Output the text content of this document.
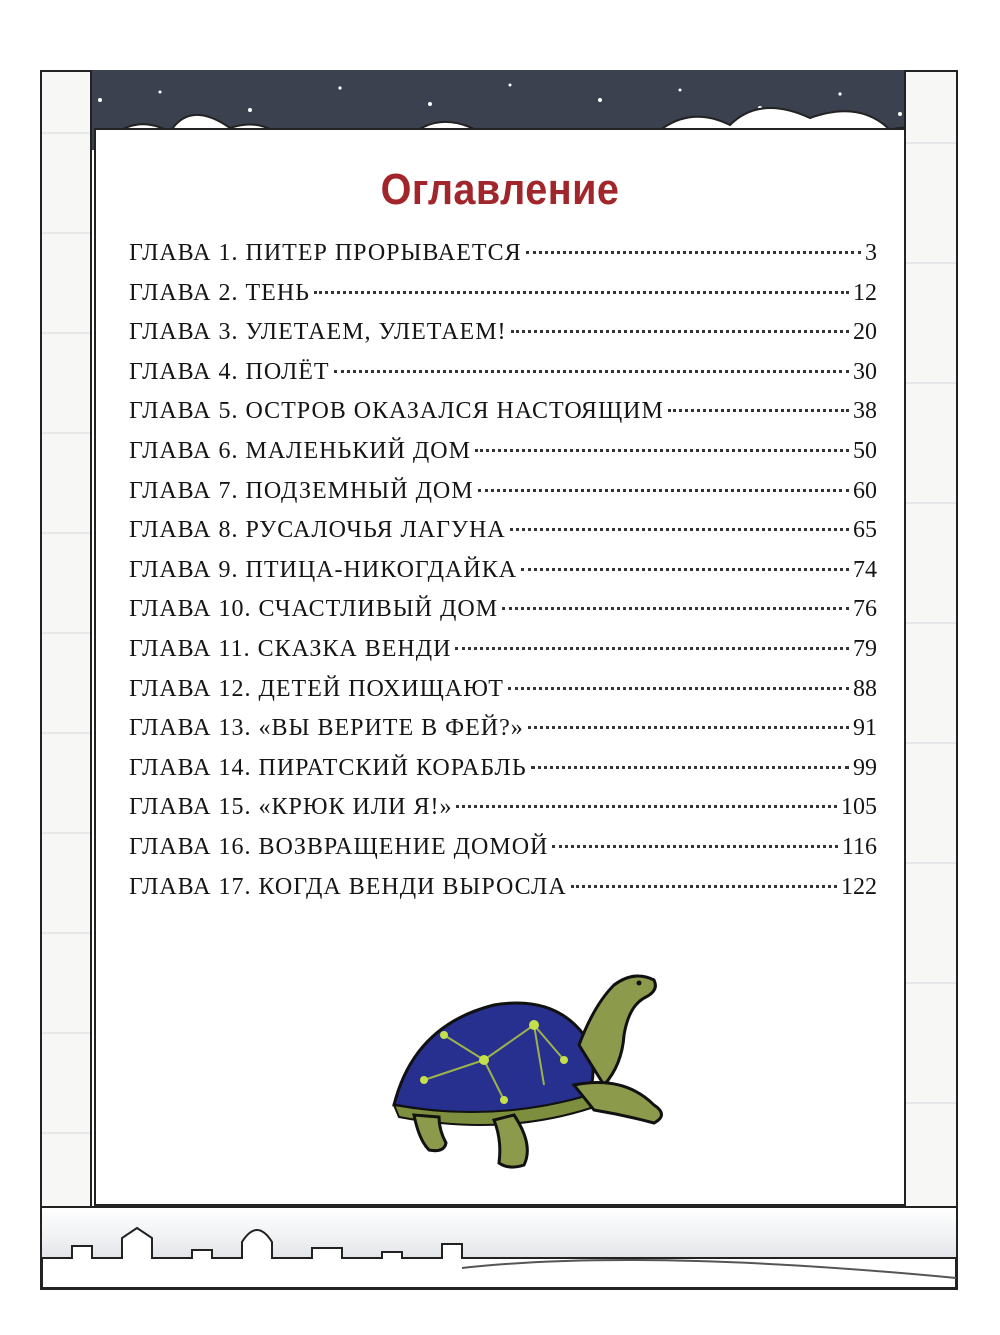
Оглавление
ГЛАВА 1. ПИТЕР ПРОРЫВАЕТСЯ	3
ГЛАВА 2. ТЕНЬ	12
ГЛАВА 3. УЛЕТАЕМ, УЛЕТАЕМ!	20
ГЛАВА 4. ПОЛЁТ	30
ГЛАВА 5. ОСТРОВ ОКАЗАЛСЯ НАСТОЯЩИМ	38
ГЛАВА 6. МАЛЕНЬКИЙ ДОМ	50
ГЛАВА 7. ПОДЗЕМНЫЙ ДОМ	60
ГЛАВА 8. РУСАЛОЧЬЯ ЛАГУНА	65
ГЛАВА 9. ПТИЦА-НИКОГДАЙКА	74
ГЛАВА 10. СЧАСТЛИВЫЙ ДОМ	76
ГЛАВА 11. СКАЗКА ВЕНДИ	79
ГЛАВА 12. ДЕТЕЙ ПОХИЩАЮТ	88
ГЛАВА 13. «ВЫ ВЕРИТЕ В ФЕЙ?»	91
ГЛАВА 14. ПИРАТСКИЙ КОРАБЛЬ	99
ГЛАВА 15. «КРЮК ИЛИ Я!»	105
ГЛАВА 16. ВОЗВРАЩЕНИЕ ДОМОЙ	116
ГЛАВА 17. КОГДА ВЕНДИ ВЫРОСЛА	122
